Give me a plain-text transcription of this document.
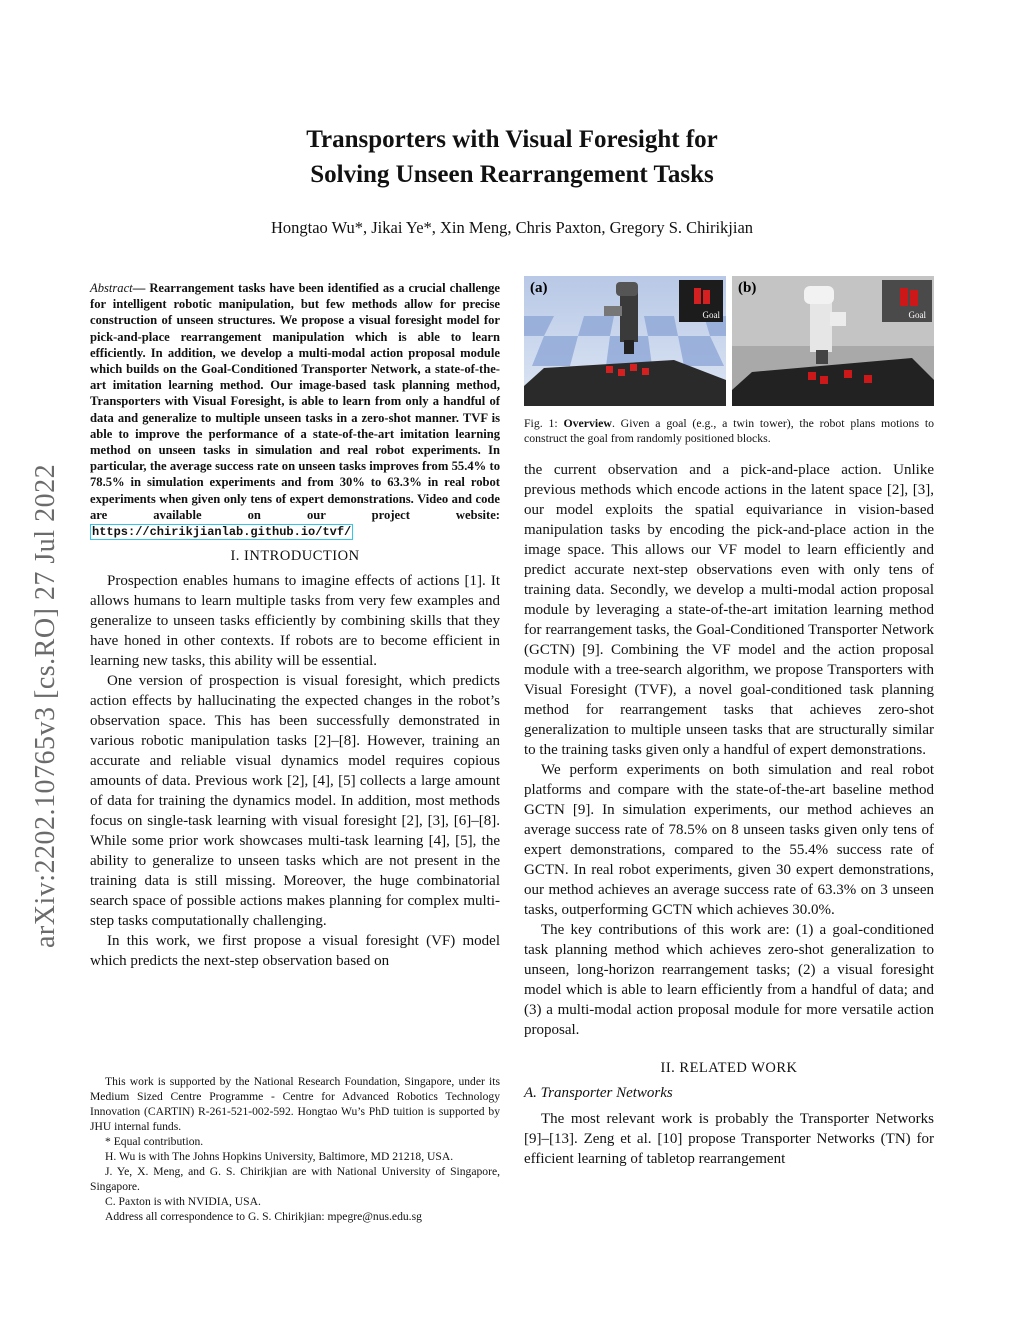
arXiv:2202.10765v3 [cs.RO] 27 Jul 2022
Transporters with Visual Foresight for
Solving Unseen Rearrangement Tasks
Hongtao Wu*, Jikai Ye*, Xin Meng, Chris Paxton, Gregory S. Chirikjian
Abstract— Rearrangement tasks have been identified as a crucial challenge for intelligent robotic manipulation, but few methods allow for precise construction of unseen structures. We propose a visual foresight model for pick-and-place rearrangement manipulation which is able to learn efficiently. In addition, we develop a multi-modal action proposal module which builds on the Goal-Conditioned Transporter Network, a state-of-the-art imitation learning method. Our image-based task planning method, Transporters with Visual Foresight, is able to learn from only a handful of data and generalize to multiple unseen tasks in a zero-shot manner. TVF is able to improve the performance of a state-of-the-art imitation learning method on unseen tasks in simulation and real robot experiments. In particular, the average success rate on unseen tasks improves from 55.4% to 78.5% in simulation experiments and from 30% to 63.3% in real robot experiments when given only tens of expert demonstrations. Video and code are available on our project website: https://chirikjianlab.github.io/tvf/
I. INTRODUCTION

Prospection enables humans to imagine effects of actions [1]. It allows humans to learn multiple tasks from very few examples and generalize to unseen tasks efficiently by combining skills that they have honed in other contexts. If robots are to become efficient in learning new tasks, this ability will be essential.

One version of prospection is visual foresight, which predicts action effects by hallucinating the expected changes in the robot’s observation space. This has been successfully demonstrated in various robotic manipulation tasks [2]–[8]. However, training an accurate and reliable visual dynamics model requires copious amounts of data. Previous work [2], [4], [5] collects a large amount of data for training the dynamics model. In addition, most methods focus on single-task learning with visual foresight [2], [3], [6]–[8]. While some prior work showcases multi-task learning [4], [5], the ability to generalize to unseen tasks which are not present in the training data is still missing. Moreover, the huge combinatorial search space of possible actions makes planning for complex multi-step tasks computationally challenging.

In this work, we first propose a visual foresight (VF) model which predicts the next-step observation based on

This work is supported by the National Research Foundation, Singapore, under its Medium Sized Centre Programme - Centre for Advanced Robotics Technology Innovation (CARTIN) R-261-521-002-592. Hongtao Wu’s PhD tuition is supported by JHU internal funds.

* Equal contribution.

H. Wu is with The Johns Hopkins University, Baltimore, MD 21218, USA.

J. Ye, X. Meng, and G. S. Chirikjian are with National University of Singapore, Singapore.

C. Paxton is with NVIDIA, USA.

Address all correspondence to G. S. Chirikjian: mpegre@nus.edu.sg

(a)
Goal
(b)
Goal
Fig. 1: Overview. Given a goal (e.g., a twin tower), the robot plans motions to construct the goal from randomly positioned blocks.

the current observation and a pick-and-place action. Unlike previous methods which encode actions in the latent space [2], [3], our model exploits the spatial equivariance in vision-based manipulation tasks by encoding the pick-and-place action in the image space. This allows our VF model to learn efficiently and predict accurate next-step observations even with only tens of training data. Secondly, we develop a multi-modal action proposal module by leveraging a state-of-the-art imitation learning method for rearrangement tasks, the Goal-Conditioned Transporter Network (GCTN) [9]. Combining the VF model and the action proposal module with a tree-search algorithm, we propose Transporters with Visual Foresight (TVF), a novel goal-conditioned task planning method for rearrangement tasks that achieves zero-shot generalization to multiple unseen tasks that are structurally similar to the training tasks given only a handful of expert demonstrations.

We perform experiments on both simulation and real robot platforms and compare with the state-of-the-art baseline method GCTN [9]. In simulation experiments, our method achieves an average success rate of 78.5% on 8 unseen tasks given only tens of expert demonstrations, compared to the 55.4% success rate of GCTN. In real robot experiments, given 30 expert demonstrations, our method achieves an average success rate of 63.3% on 3 unseen tasks, outperforming GCTN which achieves 30.0%.

The key contributions of this work are: (1) a goal-conditioned task planning method which achieves zero-shot generalization to unseen, long-horizon rearrangement tasks; (2) a visual foresight model which is able to learn efficiently from a handful of data; and (3) a multi-modal action proposal module for more versatile action proposal.

II. RELATED WORK
A. Transporter Networks

The most relevant work is probably the Transporter Networks [9]–[13]. Zeng et al. [10] propose Transporter Networks (TN) for efficient learning of tabletop rearrangement
